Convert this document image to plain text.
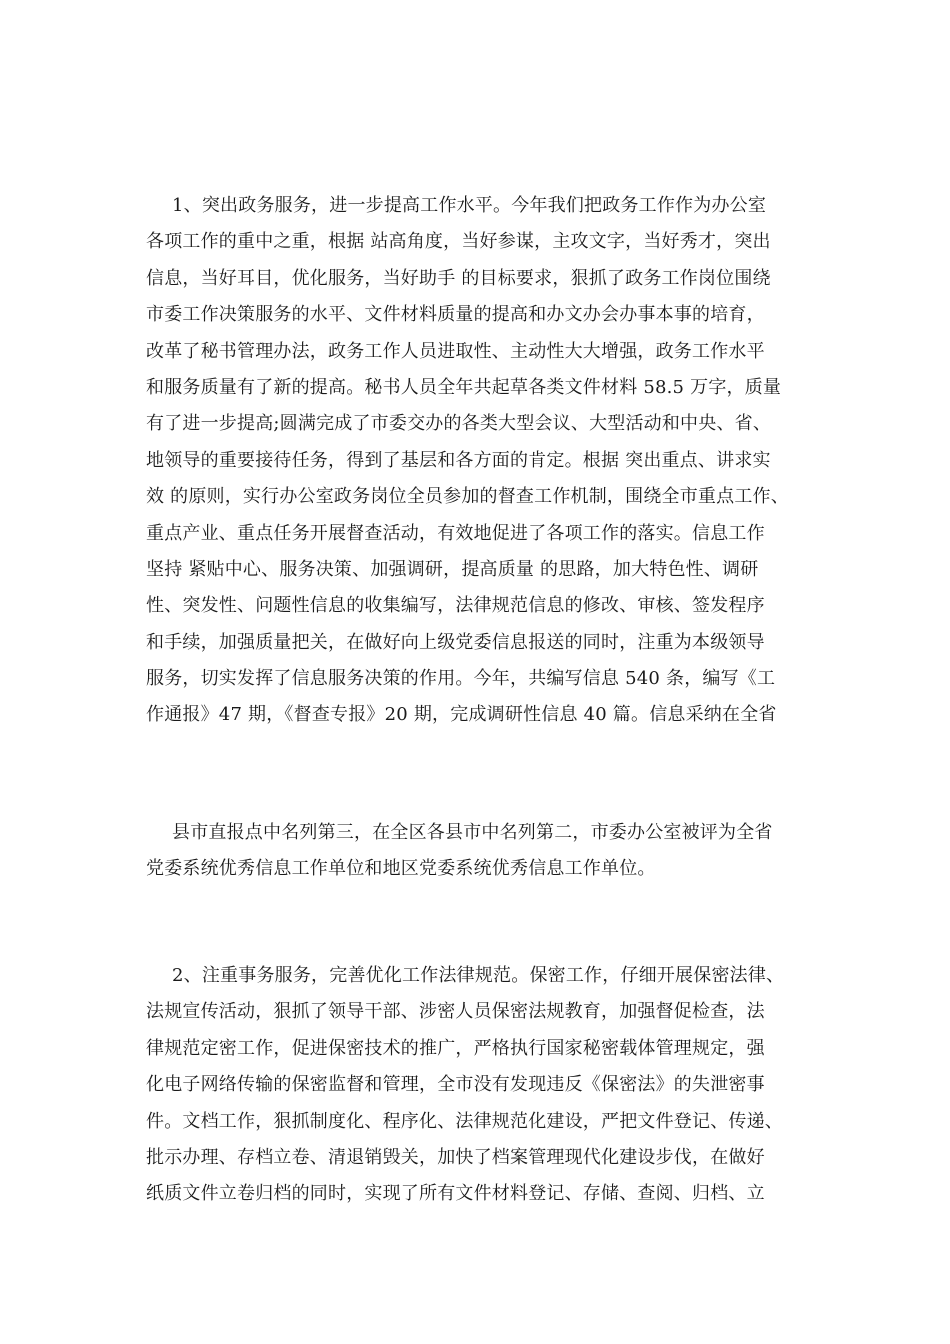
1、突出政务服务，进一步提高工作水平。今年我们把政务工作作为办公室
各项工作的重中之重，根据 站高角度，当好参谋，主攻文字，当好秀才，突出
信息，当好耳目，优化服务，当好助手 的目标要求，狠抓了政务工作岗位围绕
市委工作决策服务的水平、文件材料质量的提高和办文办会办事本事的培育，
改革了秘书管理办法，政务工作人员进取性、主动性大大增强，政务工作水平
和服务质量有了新的提高。秘书人员全年共起草各类文件材料 58.5 万字，质量
有了进一步提高;圆满完成了市委交办的各类大型会议、大型活动和中央、省、
地领导的重要接待任务，得到了基层和各方面的肯定。根据 突出重点、讲求实
效 的原则，实行办公室政务岗位全员参加的督查工作机制，围绕全市重点工作、
重点产业、重点任务开展督查活动，有效地促进了各项工作的落实。信息工作
坚持 紧贴中心、服务决策、加强调研，提高质量 的思路，加大特色性、调研
性、突发性、问题性信息的收集编写，法律规范信息的修改、审核、签发程序
和手续，加强质量把关，在做好向上级党委信息报送的同时，注重为本级领导
服务，切实发挥了信息服务决策的作用。今年，共编写信息 540 条，编写《工
作通报》47 期，《督查专报》20 期，完成调研性信息 40 篇。信息采纳在全省
县市直报点中名列第三，在全区各县市中名列第二，市委办公室被评为全省
党委系统优秀信息工作单位和地区党委系统优秀信息工作单位。
2、注重事务服务，完善优化工作法律规范。保密工作，仔细开展保密法律、
法规宣传活动，狠抓了领导干部、涉密人员保密法规教育，加强督促检查，法
律规范定密工作，促进保密技术的推广，严格执行国家秘密载体管理规定，强
化电子网络传输的保密监督和管理，全市没有发现违反《保密法》的失泄密事
件。文档工作，狠抓制度化、程序化、法律规范化建设，严把文件登记、传递、
批示办理、存档立卷、清退销毁关，加快了档案管理现代化建设步伐，在做好
纸质文件立卷归档的同时，实现了所有文件材料登记、存储、查阅、归档、立
